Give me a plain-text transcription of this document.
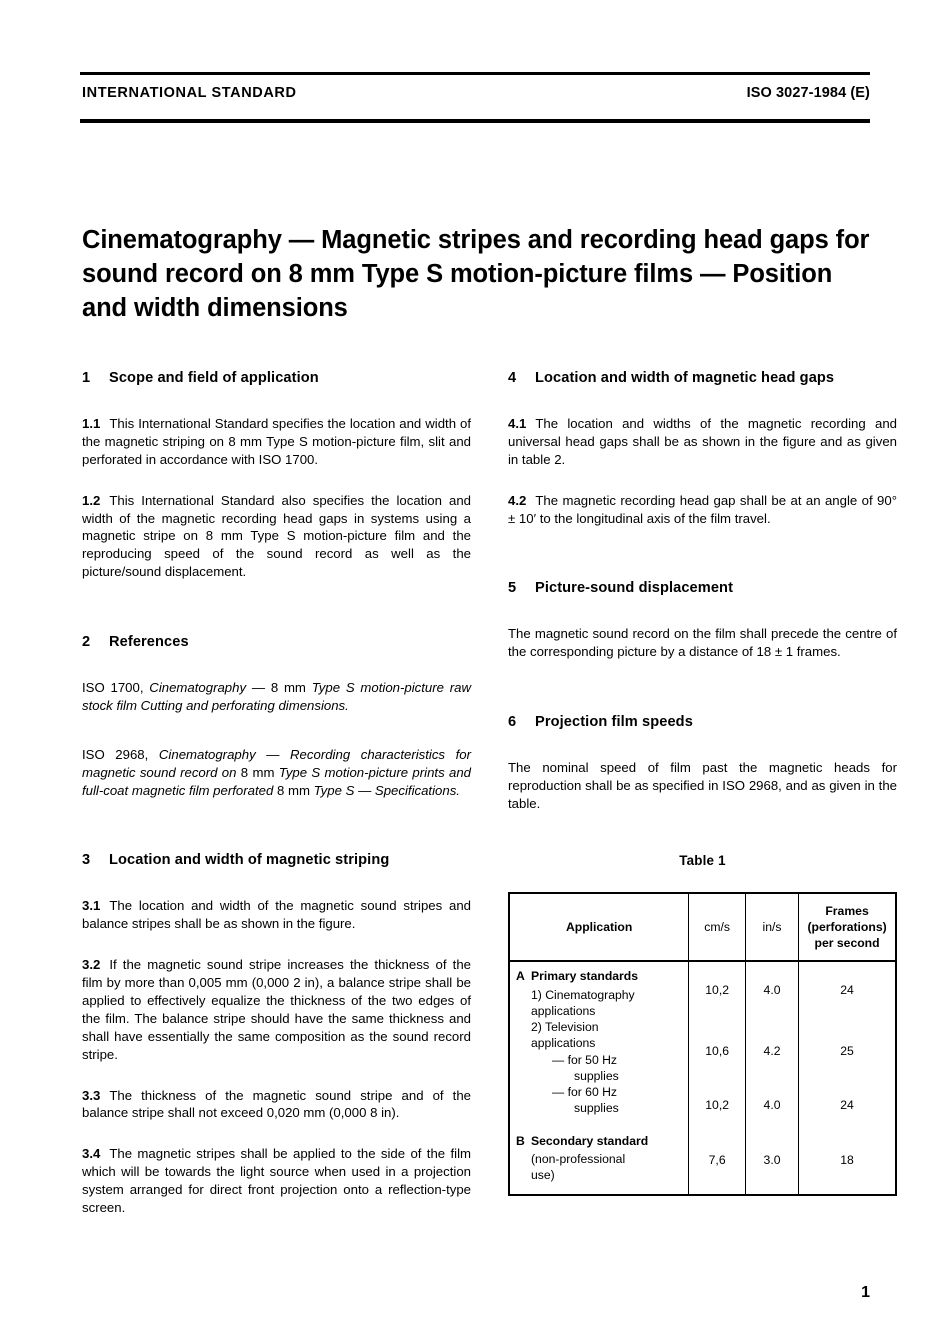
INTERNATIONAL STANDARD	ISO 3027-1984 (E)
Cinematography — Magnetic stripes and recording head gaps for sound record on 8 mm Type S motion-picture films — Position and width dimensions
1 Scope and field of application

1.1 This International Standard specifies the location and width of the magnetic striping on 8 mm Type S motion-picture film, slit and perforated in accordance with ISO 1700.

1.2 This International Standard also specifies the location and width of the magnetic recording head gaps in systems using a magnetic stripe on 8 mm Type S motion-picture film and the reproducing speed of the sound record as well as the picture/sound displacement.

2 References

ISO 1700, Cinematography — 8 mm Type S motion-picture raw stock film Cutting and perforating dimensions.

ISO 2968, Cinematography — Recording characteristics for magnetic sound record on 8 mm Type S motion-picture prints and full-coat magnetic film perforated 8 mm Type S — Specifications.

3 Location and width of magnetic striping

3.1 The location and width of the magnetic sound stripes and balance stripes shall be as shown in the figure.

3.2 If the magnetic sound stripe increases the thickness of the film by more than 0,005 mm (0,000 2 in), a balance stripe shall be applied to effectively equalize the thickness of the two edges of the film. The balance stripe should have the same thickness and shall have essentially the same composition as the sound record stripe.

3.3 The thickness of the magnetic sound stripe and of the balance stripe shall not exceed 0,020 mm (0,000 8 in).

3.4 The magnetic stripes shall be applied to the side of the film which will be towards the light source when used in a projection system arranged for direct front projection onto a reflection-type screen.

4 Location and width of magnetic head gaps

4.1 The location and widths of the magnetic recording and universal head gaps shall be as shown in the figure and as given in table 2.

4.2 The magnetic recording head gap shall be at an angle of 90° ± 10′ to the longitudinal axis of the film travel.

5 Picture-sound displacement

The magnetic sound record on the film shall precede the centre of the corresponding picture by a distance of 18 ± 1 frames.

6 Projection film speeds

The nominal speed of film past the magnetic heads for reproduction shall be as specified in ISO 2968, and as given in the table.

Table 1
Application	cm/s	in/s	Frames
(perforations)
per second

A Primary standards
1) Cinematography
applications	10,2	4.0	24

2) Television
applications
— for 50 Hz
supplies	10,6	4.2	25

— for 60 Hz
supplies	10,2	4.0	24

B Secondary standard
(non-professional
use)	7,6	3.0	18
1
